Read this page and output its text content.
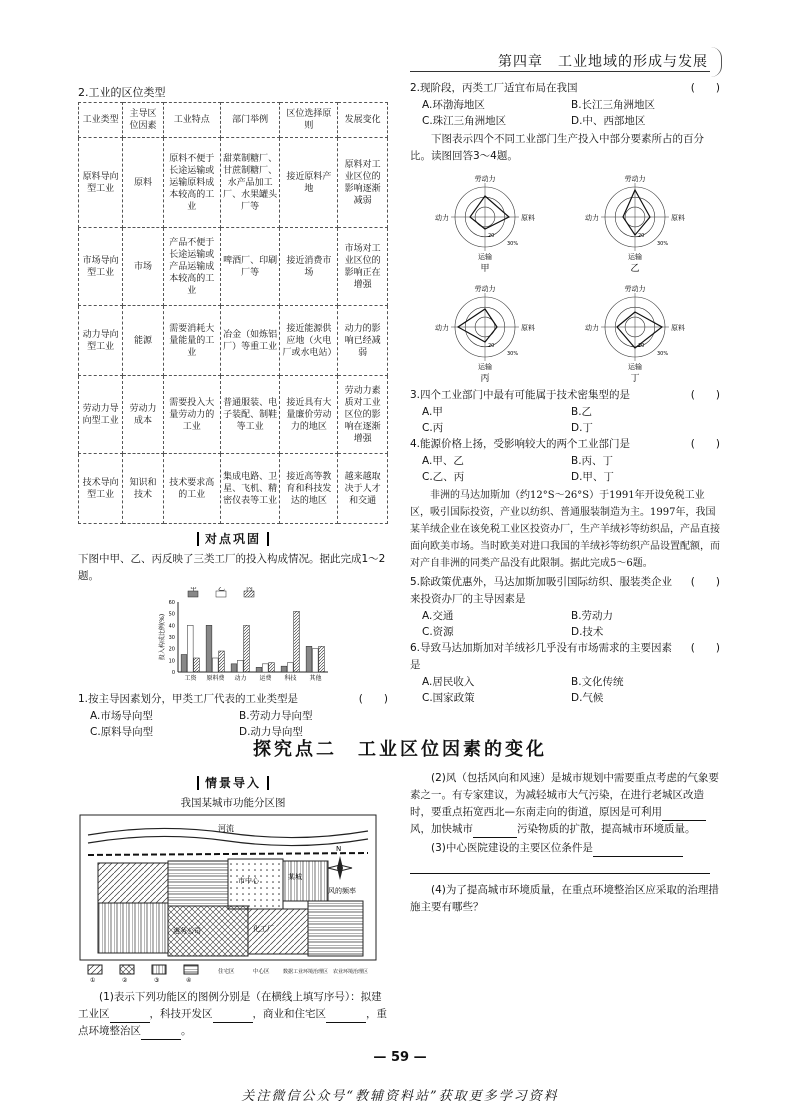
第四章　工业地域的形成与发展
2.工业的区位类型
工业类型	主导区位因素	工业特点	部门举例	区位选择原则	发展变化
原料导向型工业	原料	原料不便于长途运输或运输原料成本较高的工业	甜菜制糖厂、甘蔗制糖厂、水产品加工厂、水果罐头厂等	接近原料产地	原料对工业区位的影响逐渐减弱
市场导向型工业	市场	产品不便于长途运输或产品运输成本较高的工业	啤酒厂、印刷厂等	接近消费市场	市场对工业区位的影响正在增强
动力导向型工业	能源	需要消耗大量能量的工业	冶金（如炼铝厂）等重工业	接近能源供应地（火电厂或水电站）	动力的影响已经减弱
劳动力导向型工业	劳动力成本	需要投入大量劳动力的工业	普通服装、电子装配、制鞋等工业	接近具有大量廉价劳动力的地区	劳动力素质对工业区位的影响在逐渐增强
技术导向型工业	知识和技术	技术要求高的工业	集成电路、卫星、飞机、精密仪表等工业	接近高等教育和科技发达的地区	越来越取决于人才和交通
对点巩固

下图中甲、乙、丙反映了三类工厂的投入构成情况。据此完成1～2题。

0
10
20
30
40
50
60
投入构成比例(%)
工资 原料费 动力 运费 科技 其他
甲	乙	丙
1.按主导因素划分，甲类工厂代表的工业类型是	(　　)
A.市场导向型	B.劳动力导向型
C.原料导向型	D.动力导向型
2.现阶段，丙类工厂适宜布局在我国	(　　)
A.环渤海地区	B.长江三角洲地区
C.珠江三角洲地区	D.中、西部地区

下图表示四个不同工业部门生产投入中部分要素所占的百分比。读图回答3～4题。

劳动力
动力	原料
运输
20
30%
甲
劳动力
动力	原料
运输
20
30%
乙
劳动力
动力	原料
运输
20
30%
丙
劳动力
动力	原料
运输
20
30%
丁
3.四个工业部门中最有可能属于技术密集型的是	(　　)
A.甲	B.乙
C.丙	D.丁
4.能源价格上扬，受影响较大的两个工业部门是	(　　)
A.甲、乙	B.丙、丁
C.乙、丙	D.甲、丁

非洲的马达加斯加（约12°S～26°S）于1991年开设免税工业区，吸引国际投资，产业以纺织、普通服装制造为主。1997年，我国某羊绒企业在该免税工业区投资办厂，生产羊绒衫等纺织品，产品直接面向欧美市场。当时欧美对进口我国的羊绒衫等纺织产品设置配额，而对产自非洲的同类产品没有此限制。据此完成5～6题。

5.除政策优惠外，马达加斯加吸引国际纺织、服装类企业来投资办厂的主导因素是
(　　)
A.交通	B.劳动力
C.资源	D.技术
6.导致马达加斯加对羊绒衫几乎没有市场需求的主要因素是
(　　)
A.居民收入	B.文化传统
C.国家政策	D.气候
探究点二　工业区位因素的变化
情景导入
我国某城市功能分区图
河流
市中心
港务公司	化工厂
某城
N
风的频率
①	②	③	④
住宅区	中心区	数据工业环境治理区 农业环境治理区

(1)表示下列功能区的图例分别是（在横线上填写序号）：拟建工业区	，科技开发区	，商业和住宅区	，重点环境整治区	。

(2)风（包括风向和风速）是城市规划中需要重点考虑的气象要素之一。有专家建议，为减轻城市大气污染，在进行老城区改造时，要重点拓宽西北—东南走向的街道，原因是可利用风，加快城市	污染物质的扩散，提高城市环境质量。

(3)中心医院建设的主要区位条件是

(4)为了提高城市环境质量，在重点环境整治区应采取的治理措施主要有哪些？

— 59 —
关注微信公众号“教辅资料站”获取更多学习资料
